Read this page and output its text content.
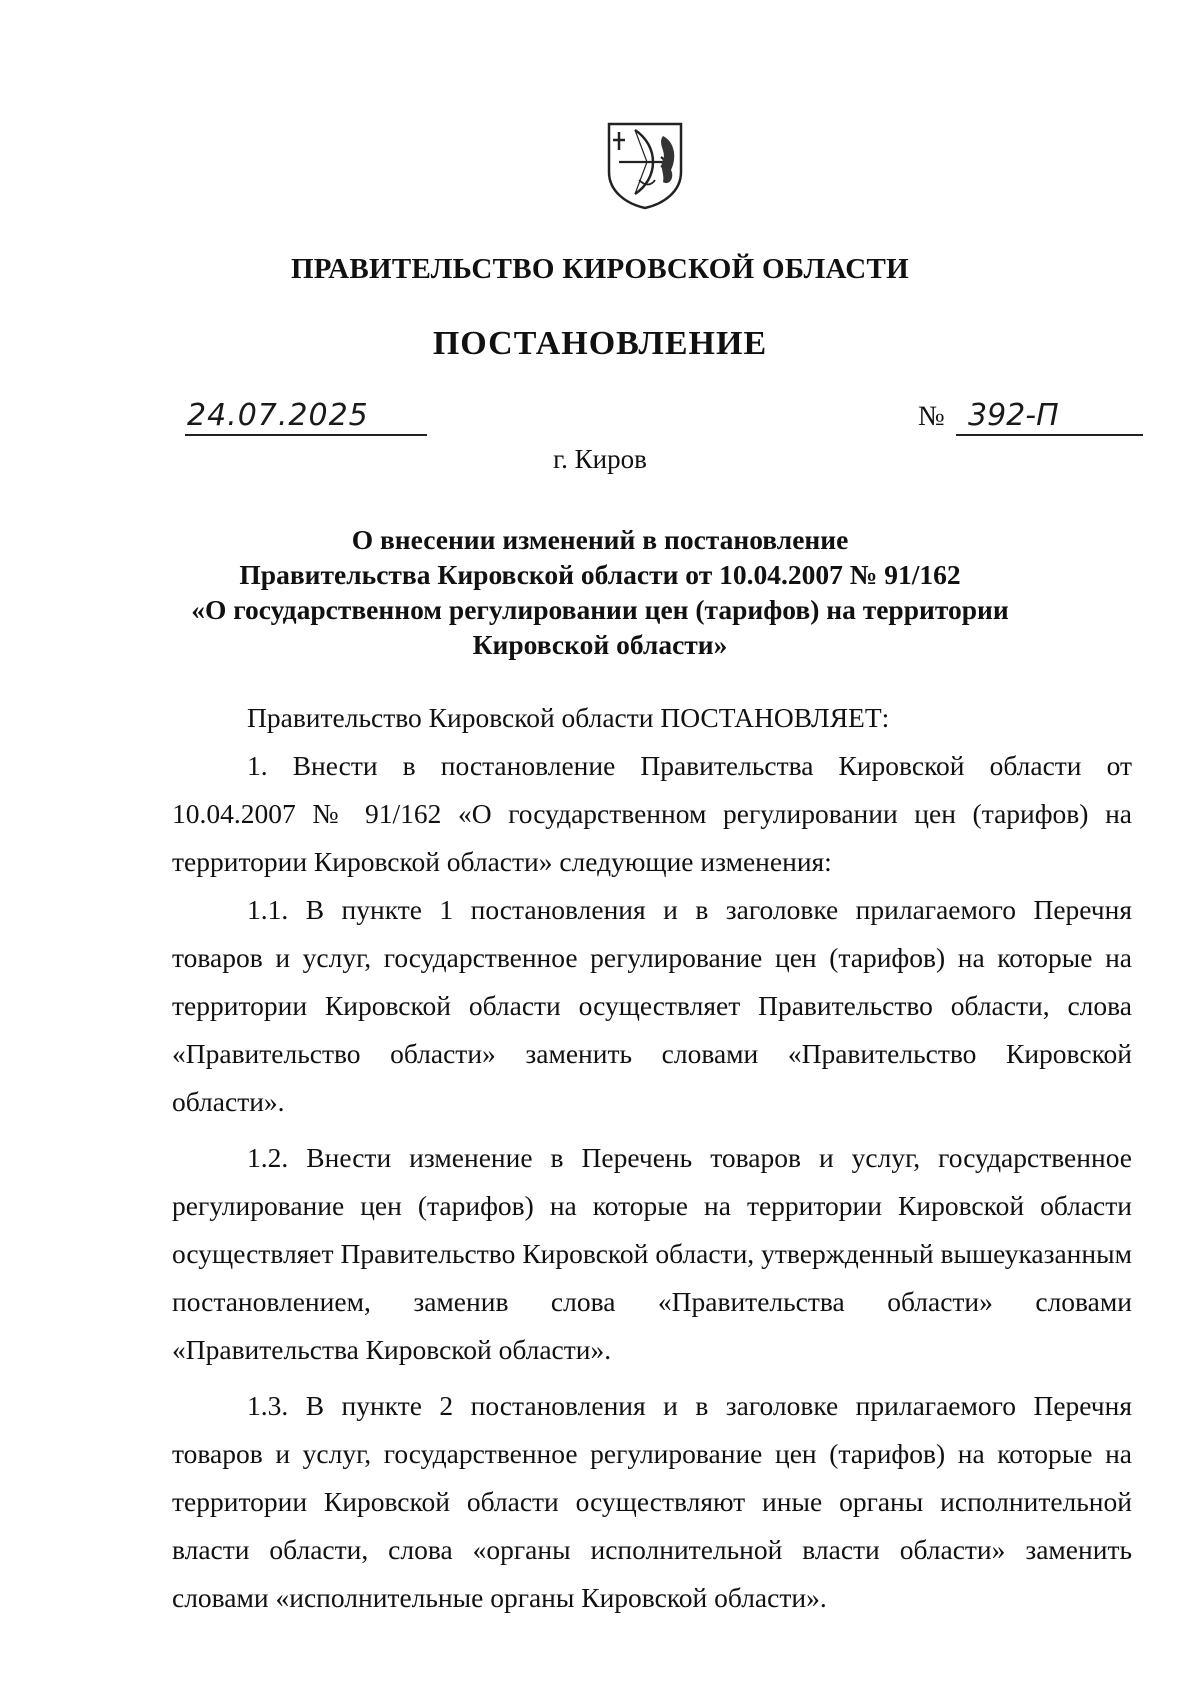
ПРАВИТЕЛЬСТВО КИРОВСКОЙ ОБЛАСТИ
ПОСТАНОВЛЕНИЕ
24.07.2025	№ 392-П
г. Киров
О внесении изменений в постановление
Правительства Кировской области от 10.04.2007 № 91/162
«О государственном регулировании цен (тарифов) на территории
Кировской области»

Правительство Кировской области ПОСТАНОВЛЯЕТ:

1. Внести в постановление Правительства Кировской области от 10.04.2007 № 91/162 «О государственном регулировании цен (тарифов) на территории Кировской области» следующие изменения:

1.1. В пункте 1 постановления и в заголовке прилагаемого Перечня товаров и услуг, государственное регулирование цен (тарифов) на которые на территории Кировской области осуществляет Правительство области, слова «Правительство области» заменить словами «Правительство Кировской области».

1.2. Внести изменение в Перечень товаров и услуг, государственное регулирование цен (тарифов) на которые на территории Кировской области осуществляет Правительство Кировской области, утвержденный вышеуказанным постановлением, заменив слова «Правительства области» словами «Правительства Кировской области».

1.3. В пункте 2 постановления и в заголовке прилагаемого Перечня товаров и услуг, государственное регулирование цен (тарифов) на которые на территории Кировской области осуществляют иные органы исполнительной власти области, слова «органы исполнительной власти области» заменить словами «исполнительные органы Кировской области».
